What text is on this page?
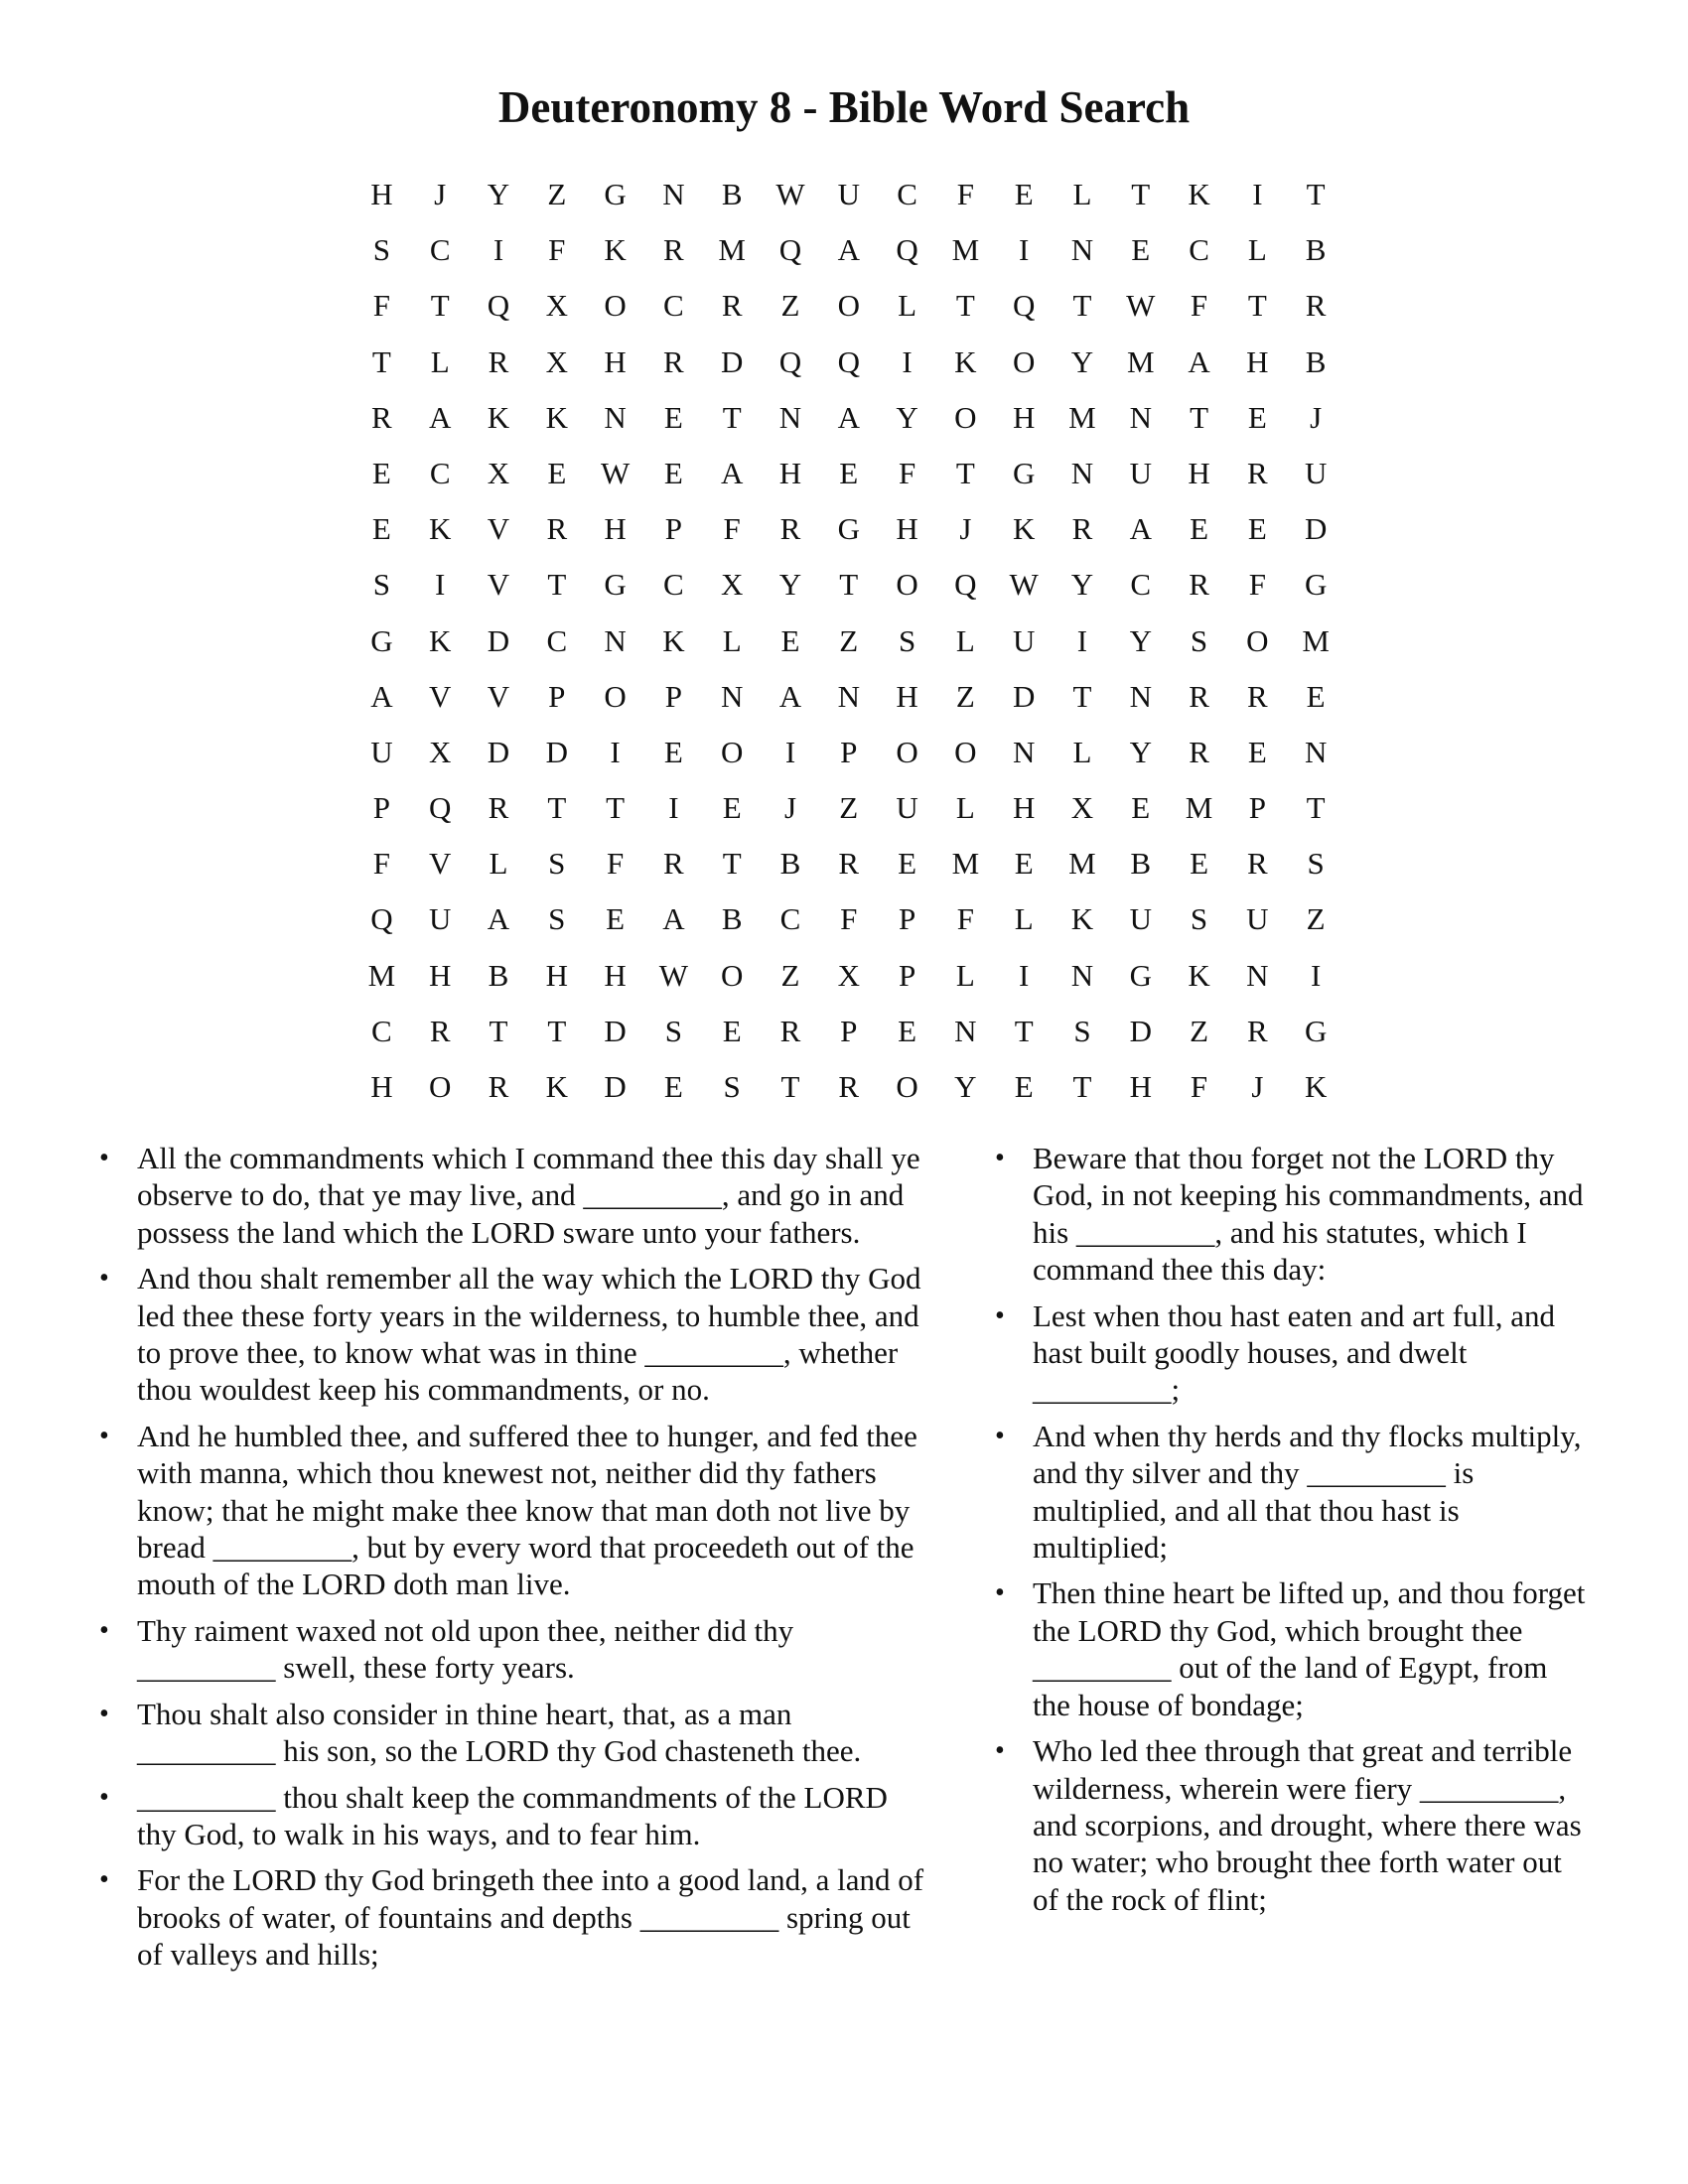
Deuteronomy 8 - Bible Word Search
H	J	Y	Z	G	N	B	W	U	C	F	E	L	T	K	I	T
S	C	I	F	K	R	M	Q	A	Q	M	I	N	E	C	L	B
F	T	Q	X	O	C	R	Z	O	L	T	Q	T	W	F	T	R
T	L	R	X	H	R	D	Q	Q	I	K	O	Y	M	A	H	B
R	A	K	K	N	E	T	N	A	Y	O	H	M	N	T	E	J
E	C	X	E	W	E	A	H	E	F	T	G	N	U	H	R	U
E	K	V	R	H	P	F	R	G	H	J	K	R	A	E	E	D
S	I	V	T	G	C	X	Y	T	O	Q	W	Y	C	R	F	G
G	K	D	C	N	K	L	E	Z	S	L	U	I	Y	S	O	M
A	V	V	P	O	P	N	A	N	H	Z	D	T	N	R	R	E
U	X	D	D	I	E	O	I	P	O	O	N	L	Y	R	E	N
P	Q	R	T	T	I	E	J	Z	U	L	H	X	E	M	P	T
F	V	L	S	F	R	T	B	R	E	M	E	M	B	E	R	S
Q	U	A	S	E	A	B	C	F	P	F	L	K	U	S	U	Z
M	H	B	H	H	W	O	Z	X	P	L	I	N	G	K	N	I
C	R	T	T	D	S	E	R	P	E	N	T	S	D	Z	R	G
H	O	R	K	D	E	S	T	R	O	Y	E	T	H	F	J	K
• All the commandments which I command thee this day shall ye observe to do, that ye may live, and _________, and go in and possess the land which the LORD sware unto your fathers.
• And thou shalt remember all the way which the LORD thy God led thee these forty years in the wilderness, to humble thee, and to prove thee, to know what was in thine _________, whether thou wouldest keep his commandments, or no.
• And he humbled thee, and suffered thee to hunger, and fed thee with manna, which thou knewest not, neither did thy fathers know; that he might make thee know that man doth not live by bread _________, but by every word that proceedeth out of the mouth of the LORD doth man live.
• Thy raiment waxed not old upon thee, neither did thy _________ swell, these forty years.
• Thou shalt also consider in thine heart, that, as a man _________ his son, so the LORD thy God chasteneth thee.
• _________ thou shalt keep the commandments of the LORD thy God, to walk in his ways, and to fear him.
• For the LORD thy God bringeth thee into a good land, a land of brooks of water, of fountains and depths _________ spring out of valleys and hills;
• Beware that thou forget not the LORD thy God, in not keeping his commandments, and his _________, and his statutes, which I command thee this day:
• Lest when thou hast eaten and art full, and hast built goodly houses, and dwelt _________;
• And when thy herds and thy flocks multiply, and thy silver and thy _________ is multiplied, and all that thou hast is multiplied;
• Then thine heart be lifted up, and thou forget the LORD thy God, which brought thee _________ out of the land of Egypt, from the house of bondage;
• Who led thee through that great and terrible wilderness, wherein were fiery _________, and scorpions, and drought, where there was no water; who brought thee forth water out of the rock of flint;
